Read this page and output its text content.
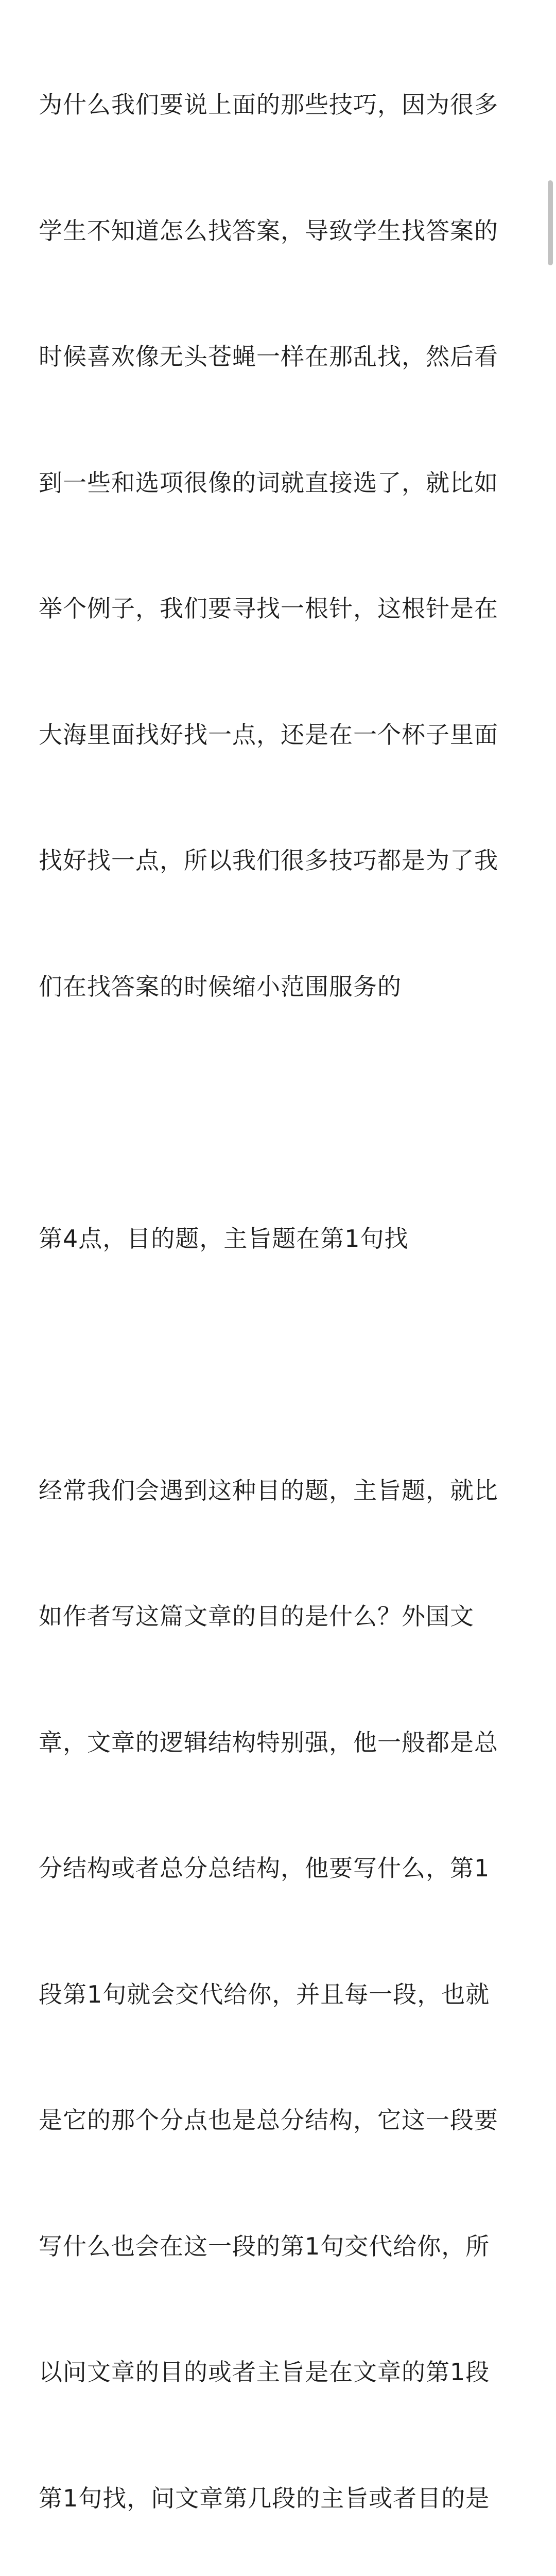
为什么我们要说上面的那些技巧，因为很多

学生不知道怎么找答案，导致学生找答案的

时候喜欢像无头苍蝇一样在那乱找，然后看

到一些和选项很像的词就直接选了，就比如

举个例子，我们要寻找一根针，这根针是在

大海里面找好找一点，还是在一个杯子里面

找好找一点，所以我们很多技巧都是为了我

们在找答案的时候缩小范围服务的

第4点，目的题，主旨题在第1句找

经常我们会遇到这种目的题，主旨题，就比

如作者写这篇文章的目的是什么？外国文

章，文章的逻辑结构特别强，他一般都是总

分结构或者总分总结构，他要写什么，第1

段第1句就会交代给你，并且每一段，也就

是它的那个分点也是总分结构，它这一段要

写什么也会在这一段的第1句交代给你，所

以问文章的目的或者主旨是在文章的第1段

第1句找，问文章第几段的主旨或者目的是
